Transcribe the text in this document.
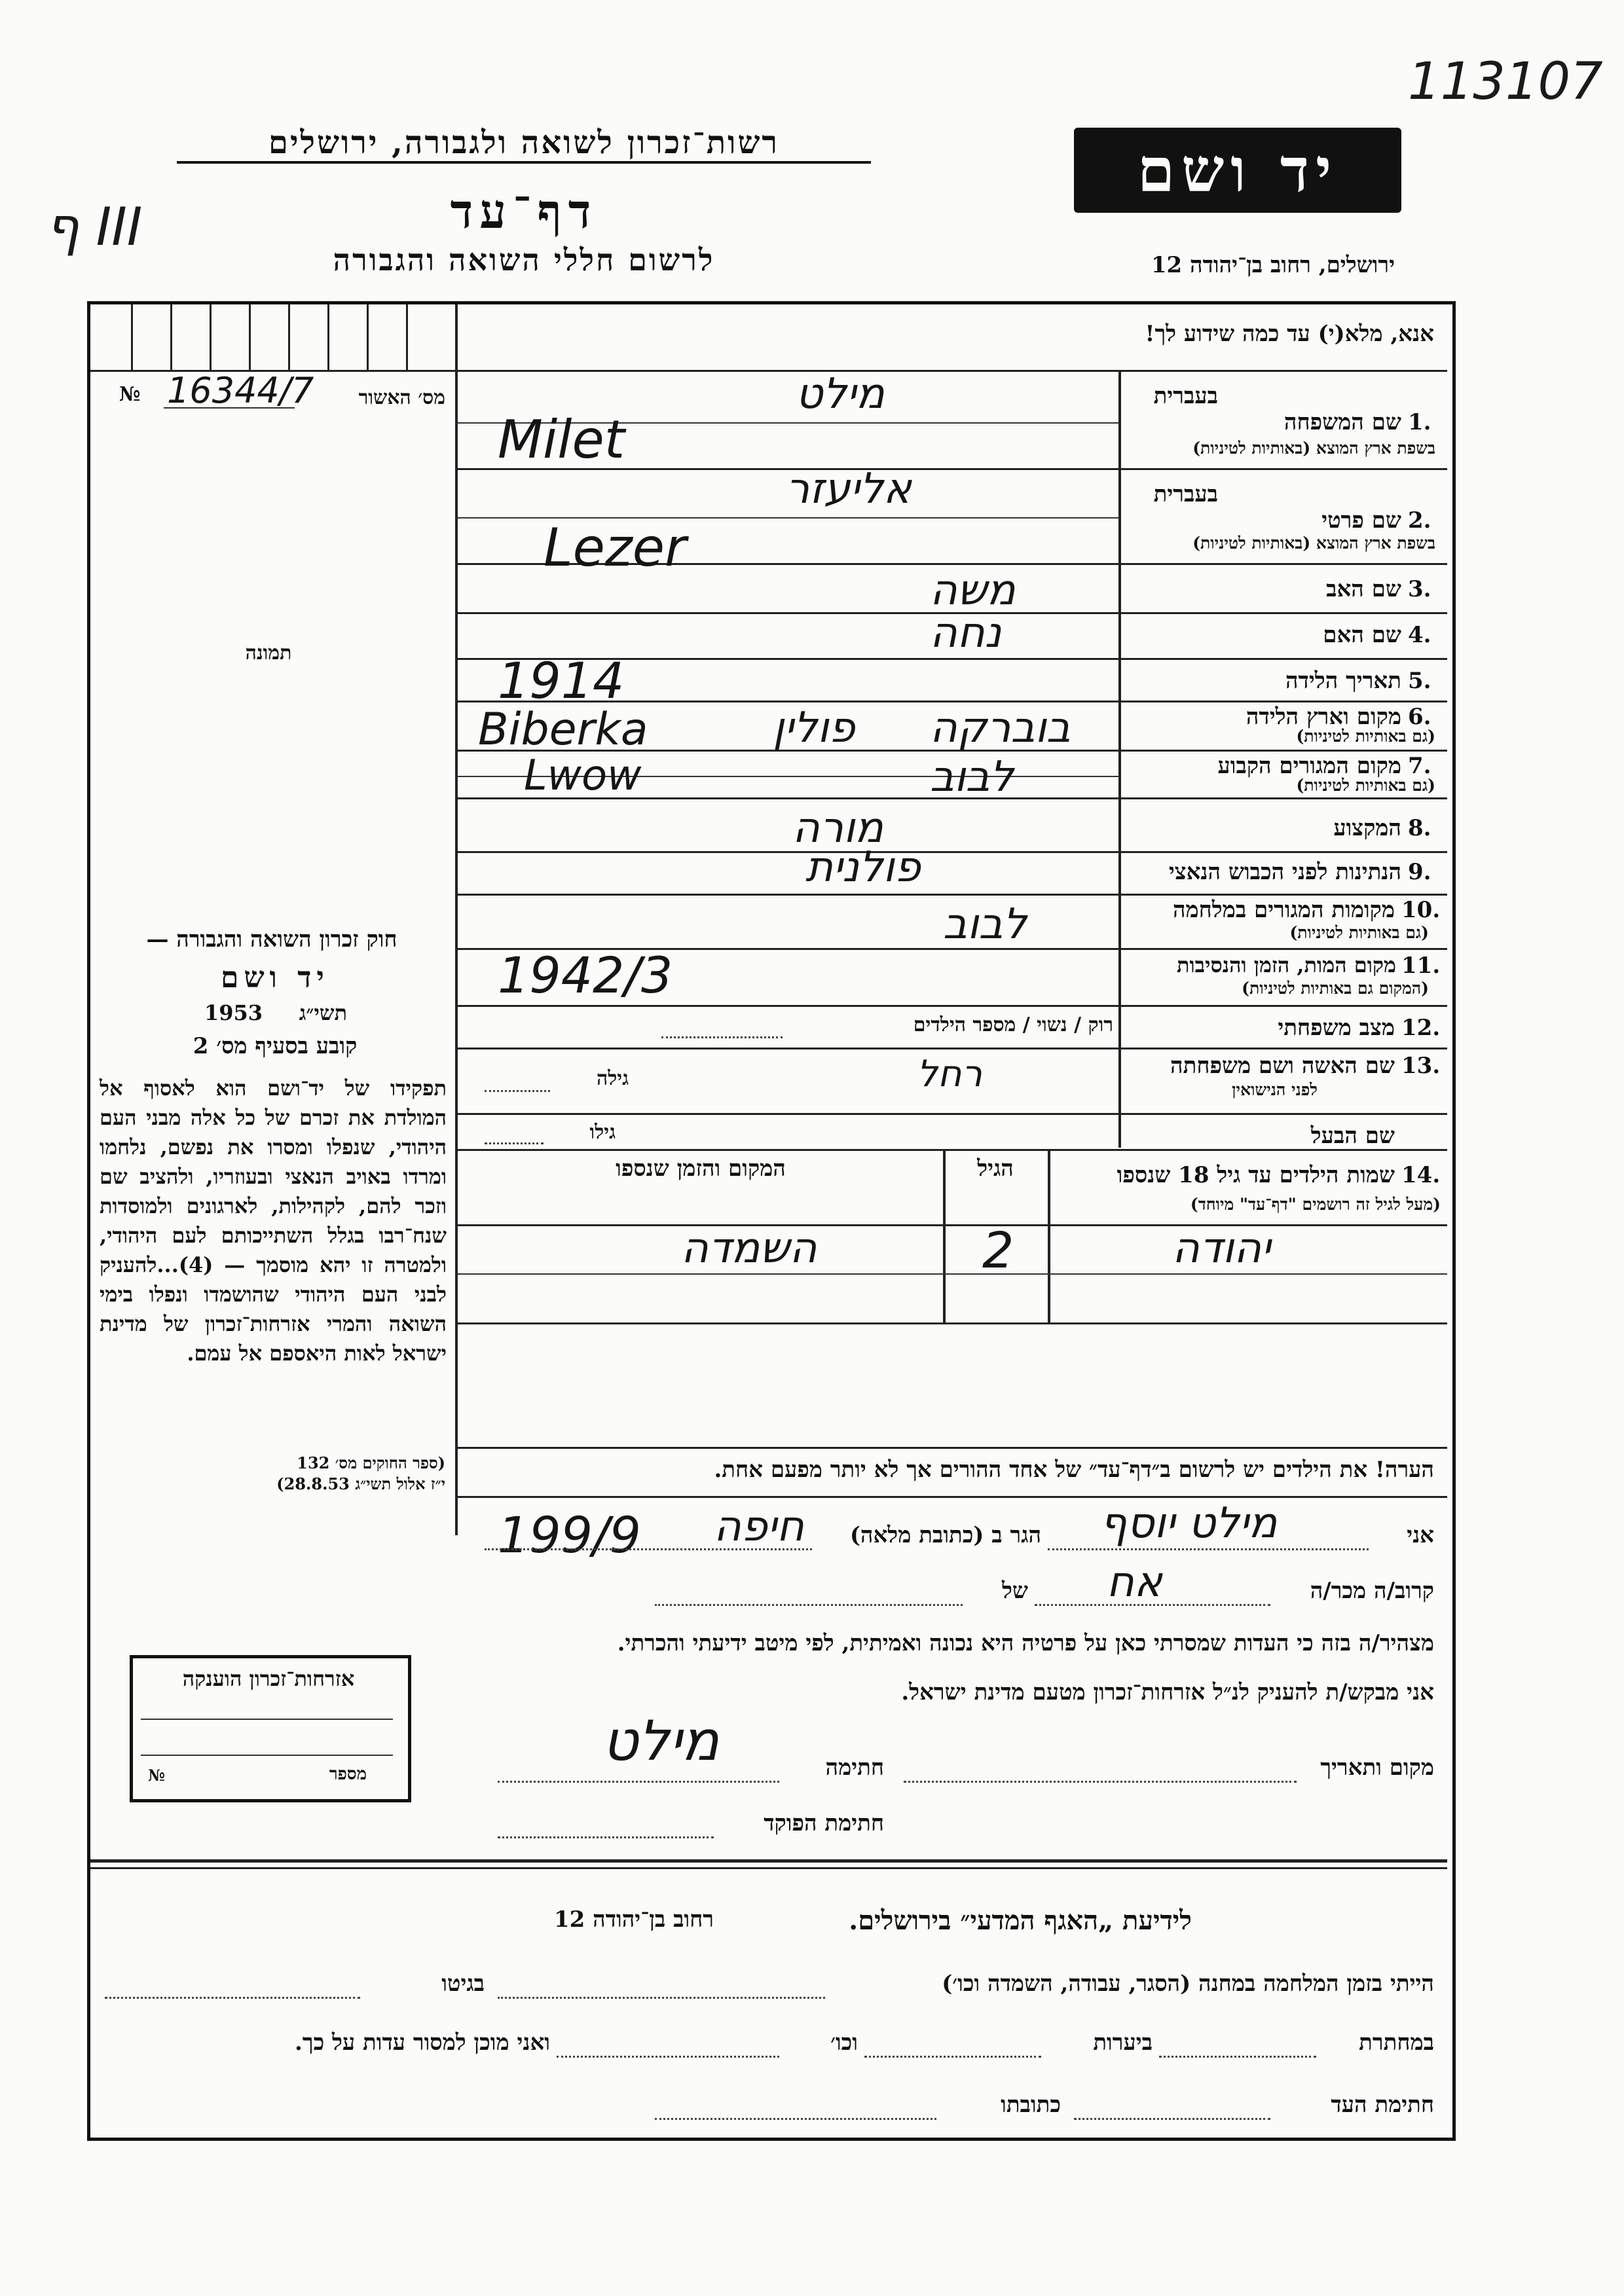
113107
ף III
רשות־זכרון לשואה ולגבורה, ירושלים
דף־עד
לרשום חללי השואה והגבורה
יד ושם
ירושלים, רחוב בן־יהודה 12
№ 16344/7	מס׳ האשור
תמונה
חוק זכרון השואה והגבורה —
יד ושם
1953	תשי״ג
קובע בסעיף מס׳ 2
תפקידו של יד־ושם הוא לאסוף אל המולדת את זכרם של כל אלה מבני העם היהודי, שנפלו ומסרו את נפשם, נלחמו ומרדו באויב הנאצי ובעוזריו, ולהציב שם וזכר להם, לקהילות, לארגונים ולמוסדות שנח־רבו בגלל השתייכותם לעם היהודי, ולמטרה זו יהא מוסמך — (4)...להעניק לבני העם היהודי שהושמדו ונפלו בימי השואה והמרי אזרחות־זכרון של מדינת ישראל לאות היאספם אל עמם.
(ספר החוקים מס׳ 132
י״ז אלול תשי״ג 28.8.53)
אזרחות־זכרון הוענקה
מספר
№
אנא, מלא(י) עד כמה שידוע לך!
בעברית
1.
שם המשפחה
בשפת ארץ המוצא (באותיות לטיניות)
מילט
Milet
בעברית
2.
שם פרטי
בשפת ארץ המוצא (באותיות לטיניות)
אליעזר
Lezer
3.
שם האב
משה
4.
שם האם
נחה
5.
תאריך הלידה
1914
6.
מקום וארץ הלידה
(גם באותיות לטיניות)
Biberka	פולין בוברקה
7.
מקום המגורים הקבוע
(גם באותיות לטיניות)
Lwow	לבוב
8.
המקצוע
מורה
9.
הנתינות לפני הכבוש הנאצי
פולנית
10.
מקומות המגורים במלחמה
(גם באותיות לטיניות)
לבוב
11.
מקום המות, הזמן והנסיבות
(המקום גם באותיות לטיניות)
1942/3
12.
מצב משפחתי
רוק / נשוי / מספר הילדים
13.
שם האשה ושם משפחתה
לפני הנישואין
רחל
גילה
שם הבעל
גילו
14.
שמות הילדים עד גיל 18 שנספו
(מעל לגיל זה רושמים "דף־עד" מיוחד)
הגיל
המקום והזמן שנספו
יהודה
2
השמדה
הערה! את הילדים יש לרשום ב״דף־עד״ של אחד ההורים אך לא יותר מפעם אחת.
אני
מילט יוסף
הגר ב (כתובת מלאה)
חיפה
199/9
קרוב/ה מכר/ה
אח
של
מצהיר/ה בזה כי העדות שמסרתי כאן על פרטיה היא נכונה ואמיתית, לפי מיטב ידיעתי והכרתי.
אני מבקש/ת להעניק לנ״ל אזרחות־זכרון מטעם מדינת ישראל.
מקום ותאריך
חתימה
מילט
חתימת הפוקד
לידיעת „האגף המדעי״ בירושלים.
רחוב בן־יהודה 12
הייתי בזמן המלחמה במחנה (הסגר, עבודה, השמדה וכו׳)
בגיטו
במחתרת
ביערות
וכו׳
ואני מוכן למסור עדות על כך.
חתימת העד
כתובתו
